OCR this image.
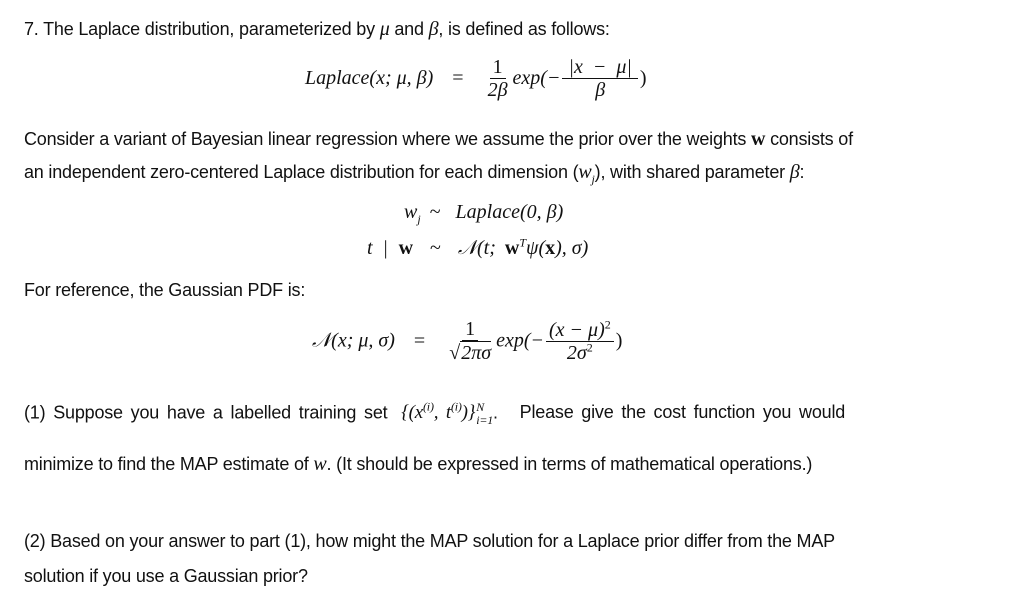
7. The Laplace distribution, parameterized by μ and β, is defined as follows:
Laplace(x; μ, $\beta) = \frac{1}{2\beta} \exp(- \frac{|x - \mu|}{\beta}$ )
Consider a variant of Bayesian linear regression where we assume the prior over the weights w consists of
an independent zero-centered Laplace distribution for each dimension $(w_j)$, with shared parameter β:
$w_j$ ~ Laplace(0, β)
t | w ~ 𝒩(t; $w^T\psi(x)$, σ)
For reference, the Gaussian PDF is:
𝒩(x; μ, $\sigma) = \frac{1}{√2\pi\sigma} \exp(- \frac{(x - \mu)^2}{2\sigma^2}$ )
(1) Suppose you have a labelled training set {($x^{(i)}$, $t^{(i)}$)} N
i=1 . Please give the cost function you would
minimize to find the MAP estimate of w. (It should be expressed in terms of mathematical operations.)
(2) Based on your answer to part (1), how might the MAP solution for a Laplace prior differ from the MAP
solution if you use a Gaussian prior?
